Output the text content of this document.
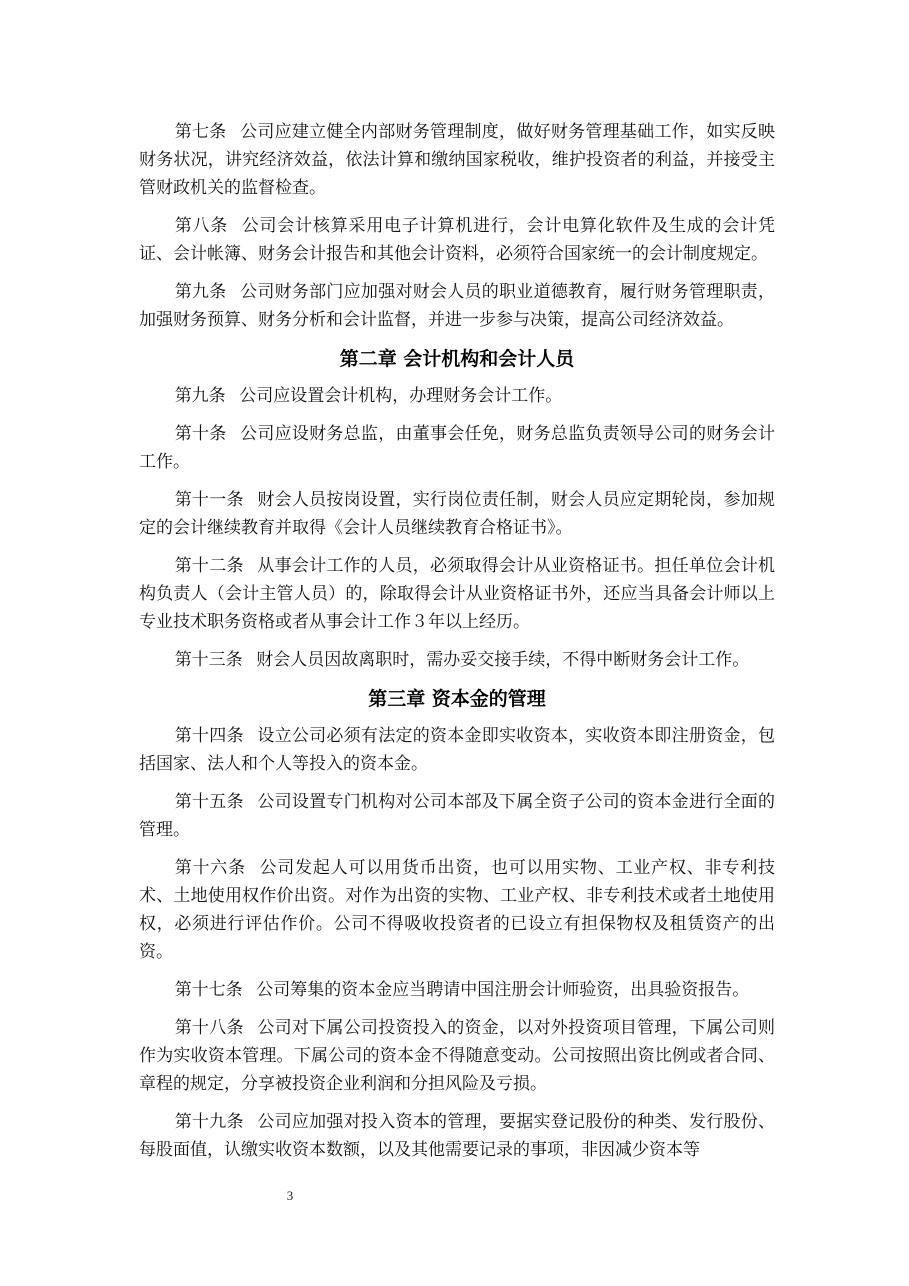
第七条 公司应建立健全内部财务管理制度，做好财务管理基础工作，如实反映财务状况，讲究经济效益，依法计算和缴纳国家税收，维护投资者的利益，并接受主管财政机关的监督检查。

第八条 公司会计核算采用电子计算机进行，会计电算化软件及生成的会计凭证、会计帐簿、财务会计报告和其他会计资料，必须符合国家统一的会计制度规定。

第九条 公司财务部门应加强对财会人员的职业道德教育，履行财务管理职责，加强财务预算、财务分析和会计监督，并进一步参与决策，提高公司经济效益。

第二章 会计机构和会计人员

第九条 公司应设置会计机构，办理财务会计工作。

第十条 公司应设财务总监，由董事会任免，财务总监负责领导公司的财务会计工作。

第十一条 财会人员按岗设置，实行岗位责任制，财会人员应定期轮岗，参加规定的会计继续教育并取得《会计人员继续教育合格证书》。

第十二条 从事会计工作的人员，必须取得会计从业资格证书。担任单位会计机构负责人（会计主管人员）的，除取得会计从业资格证书外，还应当具备会计师以上专业技术职务资格或者从事会计工作３年以上经历。

第十三条 财会人员因故离职时，需办妥交接手续，不得中断财务会计工作。

第三章 资本金的管理

第十四条 设立公司必须有法定的资本金即实收资本，实收资本即注册资金，包括国家、法人和个人等投入的资本金。

第十五条 公司设置专门机构对公司本部及下属全资子公司的资本金进行全面的管理。

第十六条 公司发起人可以用货币出资，也可以用实物、工业产权、非专利技术、土地使用权作价出资。对作为出资的实物、工业产权、非专利技术或者土地使用权，必须进行评估作价。公司不得吸收投资者的已设立有担保物权及租赁资产的出资。

第十七条 公司筹集的资本金应当聘请中国注册会计师验资，出具验资报告。

第十八条 公司对下属公司投资投入的资金，以对外投资项目管理，下属公司则作为实收资本管理。下属公司的资本金不得随意变动。公司按照出资比例或者合同、章程的规定，分享被投资企业利润和分担风险及亏损。

第十九条 公司应加强对投入资本的管理，要据实登记股份的种类、发行股份、每股面值，认缴实收资本数额，以及其他需要记录的事项，非因减少资本等

3
